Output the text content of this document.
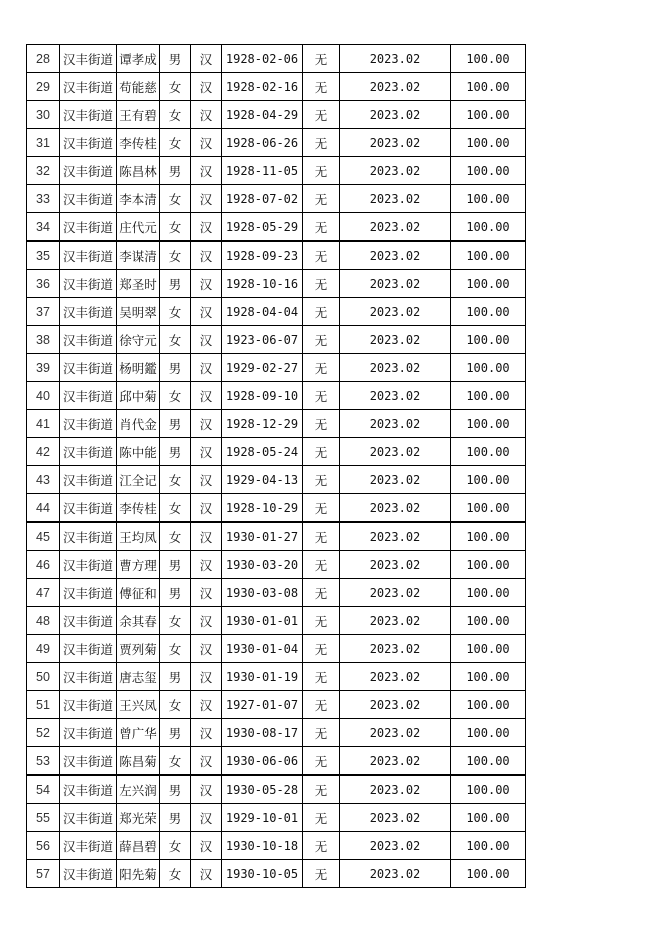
28	汉丰街道	谭孝成	男	汉	1928-02-06	无	2023.02	100.00
29	汉丰街道	苟能慈	女	汉	1928-02-16	无	2023.02	100.00
30	汉丰街道	王有碧	女	汉	1928-04-29	无	2023.02	100.00
31	汉丰街道	李传桂	女	汉	1928-06-26	无	2023.02	100.00
32	汉丰街道	陈昌林	男	汉	1928-11-05	无	2023.02	100.00
33	汉丰街道	李本清	女	汉	1928-07-02	无	2023.02	100.00
34	汉丰街道	庄代元	女	汉	1928-05-29	无	2023.02	100.00
35	汉丰街道	李谋清	女	汉	1928-09-23	无	2023.02	100.00
36	汉丰街道	郑圣时	男	汉	1928-10-16	无	2023.02	100.00
37	汉丰街道	吴明翠	女	汉	1928-04-04	无	2023.02	100.00
38	汉丰街道	徐守元	女	汉	1923-06-07	无	2023.02	100.00
39	汉丰街道	杨明鑑	男	汉	1929-02-27	无	2023.02	100.00
40	汉丰街道	邱中菊	女	汉	1928-09-10	无	2023.02	100.00
41	汉丰街道	肖代金	男	汉	1928-12-29	无	2023.02	100.00
42	汉丰街道	陈中能	男	汉	1928-05-24	无	2023.02	100.00
43	汉丰街道	江全记	女	汉	1929-04-13	无	2023.02	100.00
44	汉丰街道	李传桂	女	汉	1928-10-29	无	2023.02	100.00
45	汉丰街道	王均凤	女	汉	1930-01-27	无	2023.02	100.00
46	汉丰街道	曹方理	男	汉	1930-03-20	无	2023.02	100.00
47	汉丰街道	傅征和	男	汉	1930-03-08	无	2023.02	100.00
48	汉丰街道	余其春	女	汉	1930-01-01	无	2023.02	100.00
49	汉丰街道	贾列菊	女	汉	1930-01-04	无	2023.02	100.00
50	汉丰街道	唐志玺	男	汉	1930-01-19	无	2023.02	100.00
51	汉丰街道	王兴凤	女	汉	1927-01-07	无	2023.02	100.00
52	汉丰街道	曾广华	男	汉	1930-08-17	无	2023.02	100.00
53	汉丰街道	陈昌菊	女	汉	1930-06-06	无	2023.02	100.00
54	汉丰街道	左兴润	男	汉	1930-05-28	无	2023.02	100.00
55	汉丰街道	郑光荣	男	汉	1929-10-01	无	2023.02	100.00
56	汉丰街道	薛昌碧	女	汉	1930-10-18	无	2023.02	100.00
57	汉丰街道	阳先菊	女	汉	1930-10-05	无	2023.02	100.00
